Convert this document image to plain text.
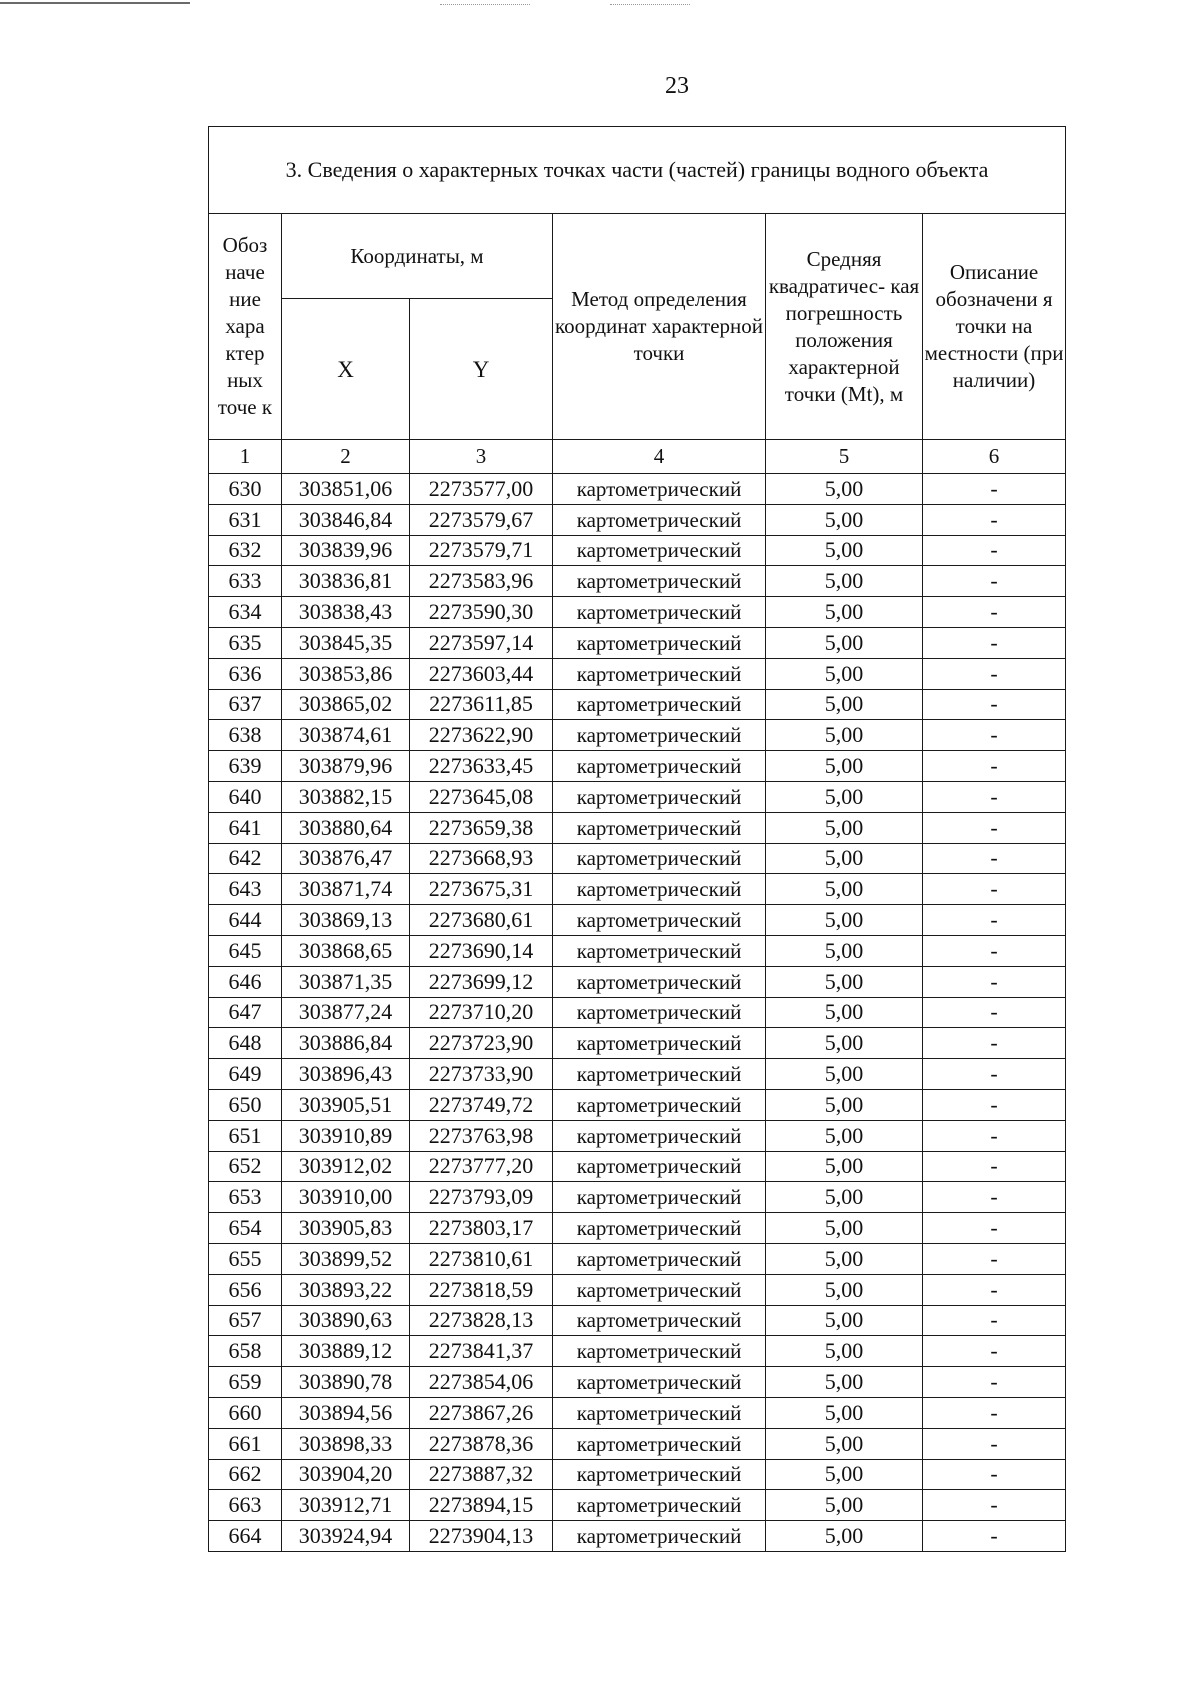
23
3. Сведения о характерных точках части (частей) границы водного объекта					
Обоз наче ние хара ктер ных точе к	Координаты, м		Метод определения координат характерной точки	Средняя квадратичес- кая погрешность положения характерной точки (Mt), м	Описание обозначени я точки на местности (при наличии)
	X	Y			
1	2	3	4	5	6
630	303851,06	2273577,00	картометрический	5,00	-
631	303846,84	2273579,67	картометрический	5,00	-
632	303839,96	2273579,71	картометрический	5,00	-
633	303836,81	2273583,96	картометрический	5,00	-
634	303838,43	2273590,30	картометрический	5,00	-
635	303845,35	2273597,14	картометрический	5,00	-
636	303853,86	2273603,44	картометрический	5,00	-
637	303865,02	2273611,85	картометрический	5,00	-
638	303874,61	2273622,90	картометрический	5,00	-
639	303879,96	2273633,45	картометрический	5,00	-
640	303882,15	2273645,08	картометрический	5,00	-
641	303880,64	2273659,38	картометрический	5,00	-
642	303876,47	2273668,93	картометрический	5,00	-
643	303871,74	2273675,31	картометрический	5,00	-
644	303869,13	2273680,61	картометрический	5,00	-
645	303868,65	2273690,14	картометрический	5,00	-
646	303871,35	2273699,12	картометрический	5,00	-
647	303877,24	2273710,20	картометрический	5,00	-
648	303886,84	2273723,90	картометрический	5,00	-
649	303896,43	2273733,90	картометрический	5,00	-
650	303905,51	2273749,72	картометрический	5,00	-
651	303910,89	2273763,98	картометрический	5,00	-
652	303912,02	2273777,20	картометрический	5,00	-
653	303910,00	2273793,09	картометрический	5,00	-
654	303905,83	2273803,17	картометрический	5,00	-
655	303899,52	2273810,61	картометрический	5,00	-
656	303893,22	2273818,59	картометрический	5,00	-
657	303890,63	2273828,13	картометрический	5,00	-
658	303889,12	2273841,37	картометрический	5,00	-
659	303890,78	2273854,06	картометрический	5,00	-
660	303894,56	2273867,26	картометрический	5,00	-
661	303898,33	2273878,36	картометрический	5,00	-
662	303904,20	2273887,32	картометрический	5,00	-
663	303912,71	2273894,15	картометрический	5,00	-
664	303924,94	2273904,13	картометрический	5,00	-
